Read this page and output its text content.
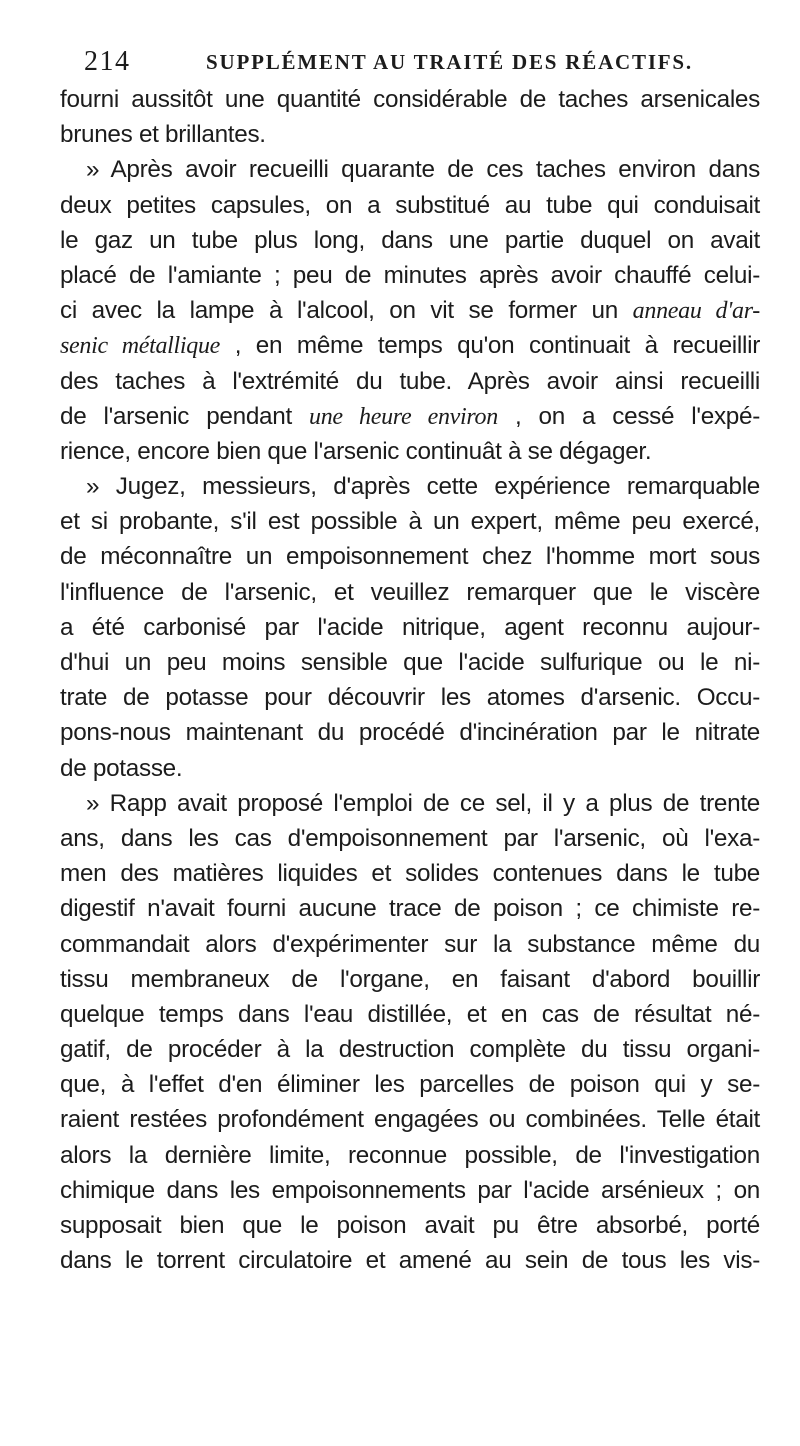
214	SUPPLÉMENT AU TRAITÉ DES RÉACTIFS.
fourni aussitôt une quantité considérable de taches arsenicales
brunes et brillantes.
» Après avoir recueilli quarante de ces taches environ dans
deux petites capsules, on a substitué au tube qui conduisait
le gaz un tube plus long, dans une partie duquel on avait
placé de l'amiante ; peu de minutes après avoir chauffé celui-
ci avec la lampe à l'alcool, on vit se former un anneau d'ar-
senic métallique , en même temps qu'on continuait à recueillir
des taches à l'extrémité du tube. Après avoir ainsi recueilli
de l'arsenic pendant une heure environ , on a cessé l'expé-
rience, encore bien que l'arsenic continuât à se dégager.
» Jugez, messieurs, d'après cette expérience remarquable
et si probante, s'il est possible à un expert, même peu exercé,
de méconnaître un empoisonnement chez l'homme mort sous
l'influence de l'arsenic, et veuillez remarquer que le viscère
a été carbonisé par l'acide nitrique, agent reconnu aujour-
d'hui un peu moins sensible que l'acide sulfurique ou le ni-
trate de potasse pour découvrir les atomes d'arsenic. Occu-
pons-nous maintenant du procédé d'incinération par le nitrate
de potasse.
» Rapp avait proposé l'emploi de ce sel, il y a plus de trente
ans, dans les cas d'empoisonnement par l'arsenic, où l'exa-
men des matières liquides et solides contenues dans le tube
digestif n'avait fourni aucune trace de poison ; ce chimiste re-
commandait alors d'expérimenter sur la substance même du
tissu membraneux de l'organe, en faisant d'abord bouillir
quelque temps dans l'eau distillée, et en cas de résultat né-
gatif, de procéder à la destruction complète du tissu organi-
que, à l'effet d'en éliminer les parcelles de poison qui y se-
raient restées profondément engagées ou combinées. Telle était
alors la dernière limite, reconnue possible, de l'investigation
chimique dans les empoisonnements par l'acide arsénieux ; on
supposait bien que le poison avait pu être absorbé, porté
dans le torrent circulatoire et amené au sein de tous les vis-
